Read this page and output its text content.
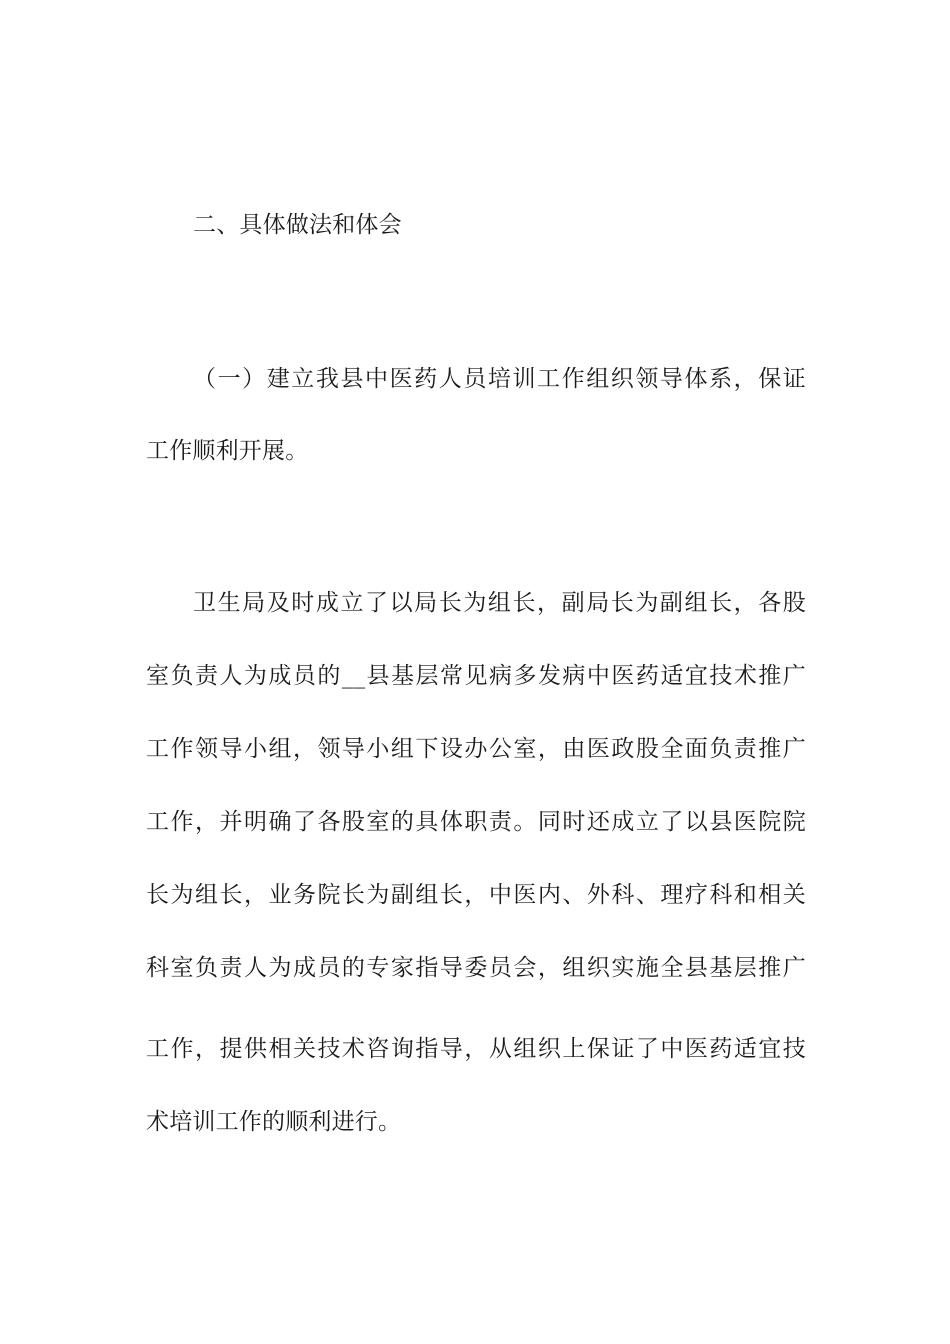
二、具体做法和体会
（一）建立我县中医药人员培训工作组织领导体系，保证
工作顺利开展。
卫生局及时成立了以局长为组长，副局长为副组长，各股
室负责人为成员的__县基层常见病多发病中医药适宜技术推广
工作领导小组，领导小组下设办公室，由医政股全面负责推广
工作，并明确了各股室的具体职责。同时还成立了以县医院院
长为组长，业务院长为副组长，中医内、外科、理疗科和相关
科室负责人为成员的专家指导委员会，组织实施全县基层推广
工作，提供相关技术咨询指导，从组织上保证了中医药适宜技
术培训工作的顺利进行。
